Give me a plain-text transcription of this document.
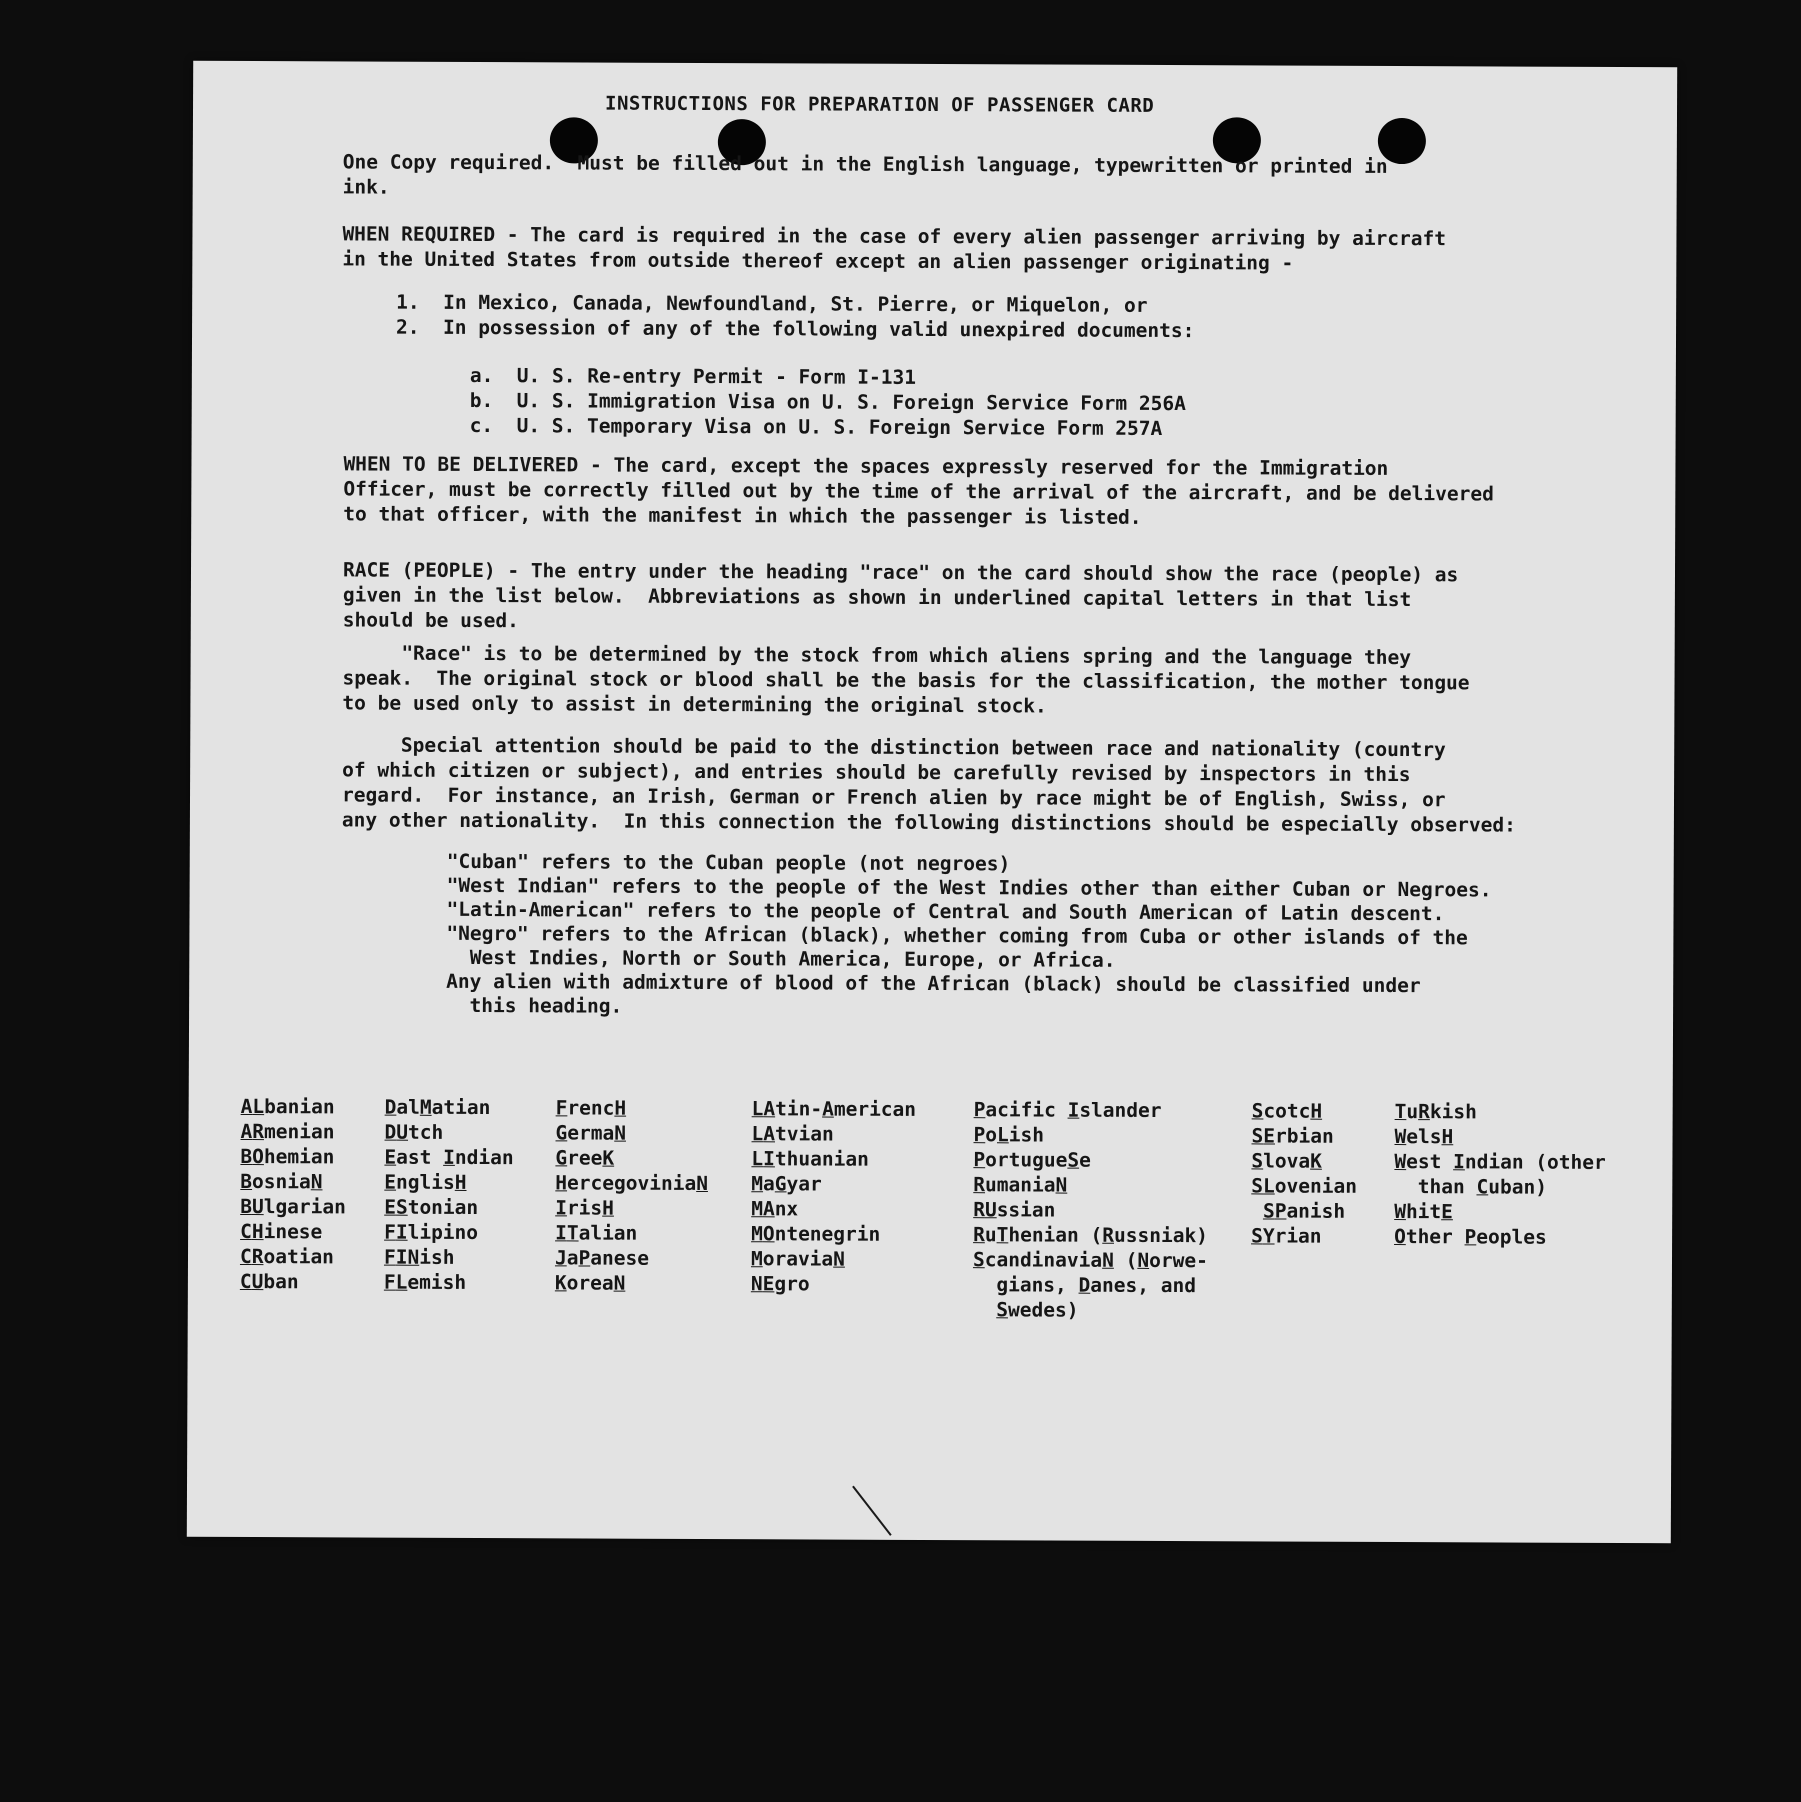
INSTRUCTIONS FOR PREPARATION OF PASSENGER CARD

One Copy required.  Must be filled out in the English language, typewritten or printed in

ink.

WHEN REQUIRED - The card is required in the case of every alien passenger arriving by aircraft

in the United States from outside thereof except an alien passenger originating -

1. In Mexico, Canada, Newfoundland, St. Pierre, or Miquelon, or

2. In possession of any of the following valid unexpired documents:

a. U. S. Re-entry Permit - Form I-131

b. U. S. Immigration Visa on U. S. Foreign Service Form 256A

c. U. S. Temporary Visa on U. S. Foreign Service Form 257A

WHEN TO BE DELIVERED - The card, except the spaces expressly reserved for the Immigration

Officer, must be correctly filled out by the time of the arrival of the aircraft, and be delivered

to that officer, with the manifest in which the passenger is listed.

RACE (PEOPLE) - The entry under the heading "race" on the card should show the race (people) as

given in the list below.  Abbreviations as shown in underlined capital letters in that list

should be used.

"Race" is to be determined by the stock from which aliens spring and the language they

speak.  The original stock or blood shall be the basis for the classification, the mother tongue

to be used only to assist in determining the original stock.

Special attention should be paid to the distinction between race and nationality (country

of which citizen or subject), and entries should be carefully revised by inspectors in this

regard.  For instance, an Irish, German or French alien by race might be of English, Swiss, or

any other nationality.  In this connection the following distinctions should be especially observed:

"Cuban" refers to the Cuban people (not negroes)

"West Indian" refers to the people of the West Indies other than either Cuban or Negroes.

"Latin-American" refers to the people of Central and South American of Latin descent.

"Negro" refers to the African (black), whether coming from Cuba or other islands of the

West Indies, North or South America, Europe, or Africa.

Any alien with admixture of blood of the African (black) should be classified under

this heading.

ALbanian
ARmenian
BOhemian
BosniaN
BUlgarian
CHinese
CRoatian
CUban
DalMatian
DUtch
East Indian
EnglisH
EStonian
FIlipino
FINish
FLemish
FrencH
GermaN
GreeK
HercegoviniaN
IrisH
ITalian
JaPanese
KoreaN
LAtin-American
LAtvian
LIthuanian
MaGyar
MAnx
MOntenegrin
MoraviaN
NEgro
Pacific Islander
PoLish
PortugueSe
RumaniaN
RUssian
RuThenian (Russniak)
ScandinaviaN (Norwe-
gians, Danes, and
Swedes)
ScotcH
SErbian
SlovaK
SLovenian
SPanish
SYrian
TuRkish
WelsH
West Indian (other
than Cuban)
WhitE
Other Peoples
